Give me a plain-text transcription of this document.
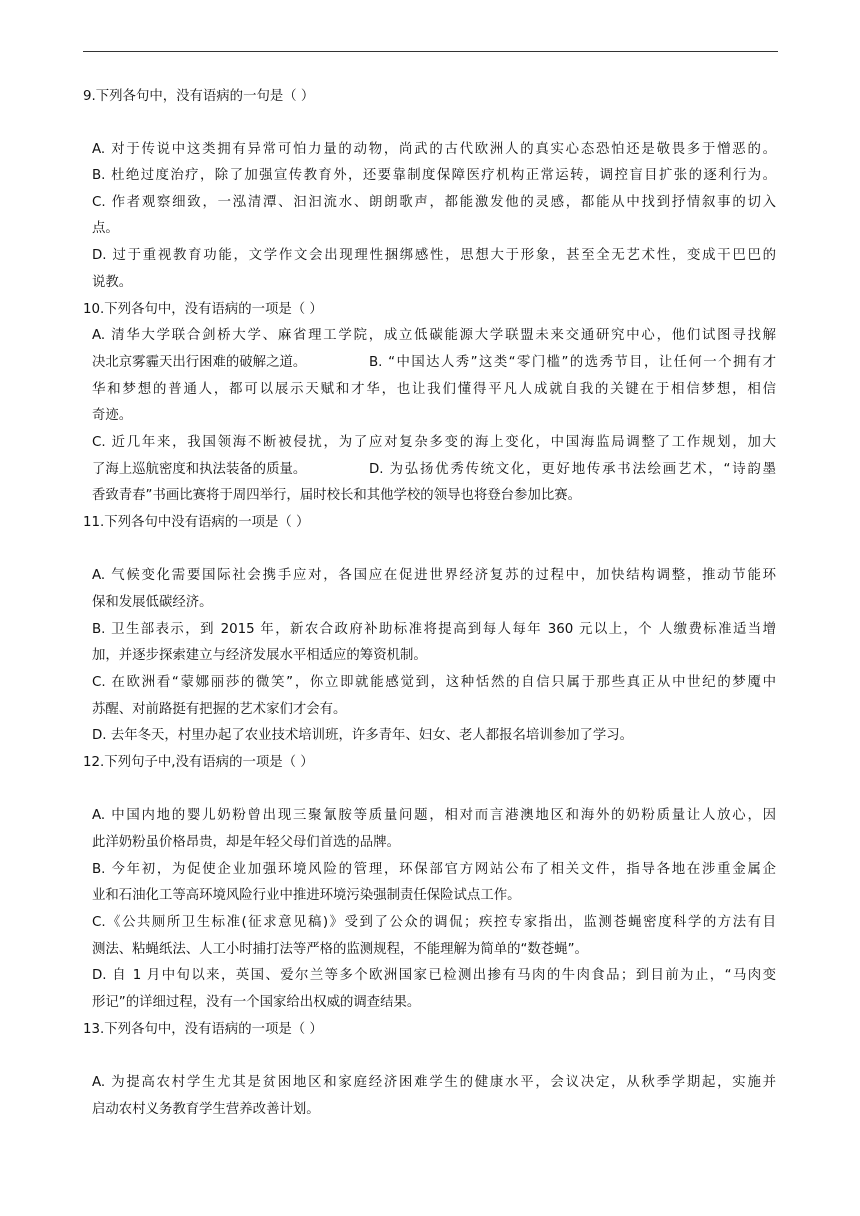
9.下列各句中，没有语病的一句是（ ）
A. 对于传说中这类拥有异常可怕力量的动物，尚武的古代欧洲人的真实心态恐怕还是敬畏多于憎恶的。
B. 杜绝过度治疗，除了加强宣传教育外，还要靠制度保障医疗机构正常运转，调控盲目扩张的逐利行为。
C. 作者观察细致，一泓清潭、汩汩流水、朗朗歌声，都能激发他的灵感，都能从中找到抒情叙事的切入
点。
D. 过于重视教育功能，文学作文会出现理性捆绑感性，思想大于形象，甚至全无艺术性，变成干巴巴的
说教。
10.下列各句中，没有语病的一项是（ ）
A. 清华大学联合剑桥大学、麻省理工学院，成立低碳能源大学联盟未来交通研究中心，他们试图寻找解
决北京雾霾天出行困难的破解之道。	B. “中国达人秀”这类“零门槛”的选秀节目，让任何一个拥有才
华和梦想的普通人，都可以展示天赋和才华，也让我们懂得平凡人成就自我的关键在于相信梦想，相信
奇迹。
C. 近几年来，我国领海不断被侵扰，为了应对复杂多变的海上变化，中国海监局调整了工作规划，加大
了海上巡航密度和执法装备的质量。	D. 为弘扬优秀传统文化，更好地传承书法绘画艺术，“诗韵墨
香致青春”书画比赛将于周四举行，届时校长和其他学校的领导也将登台参加比赛。
11.下列各句中没有语病的一项是（ ）
A. 气候变化需要国际社会携手应对，各国应在促进世界经济复苏的过程中，加快结构调整，推动节能环
保和发展低碳经济。
B. 卫生部表示，到 2015 年，新农合政府补助标准将提高到每人每年 360 元以上，个 人缴费标准适当增
加，并逐步探索建立与经济发展水平相适应的筹资机制。
C. 在欧洲看“蒙娜丽莎的微笑”，你立即就能感觉到，这种恬然的自信只属于那些真正从中世纪的梦魇中
苏醒、对前路挺有把握的艺术家们才会有。
D. 去年冬天，村里办起了农业技术培训班，许多青年、妇女、老人都报名培训参加了学习。
12.下列句子中,没有语病的一项是（ ）
A. 中国内地的婴儿奶粉曾出现三聚氰胺等质量问题，相对而言港澳地区和海外的奶粉质量让人放心，因
此洋奶粉虽价格昂贵，却是年轻父母们首选的品牌。
B. 今年初，为促使企业加强环境风险的管理，环保部官方网站公布了相关文件，指导各地在涉重金属企
业和石油化工等高环境风险行业中推进环境污染强制责任保险试点工作。
C.《公共厕所卫生标准(征求意见稿)》受到了公众的调侃；疾控专家指出，监测苍蝇密度科学的方法有目
测法、粘蝇纸法、人工小时捕打法等严格的监测规程，不能理解为简单的“数苍蝇”。
D. 自 1 月中旬以来，英国、爱尔兰等多个欧洲国家已检测出掺有马肉的牛肉食品；到目前为止，“马肉变
形记”的详细过程，没有一个国家给出权威的调查结果。
13.下列各句中，没有语病的一项是（ ）
A. 为提高农村学生尤其是贫困地区和家庭经济困难学生的健康水平，会议决定，从秋季学期起，实施并
启动农村义务教育学生营养改善计划。
